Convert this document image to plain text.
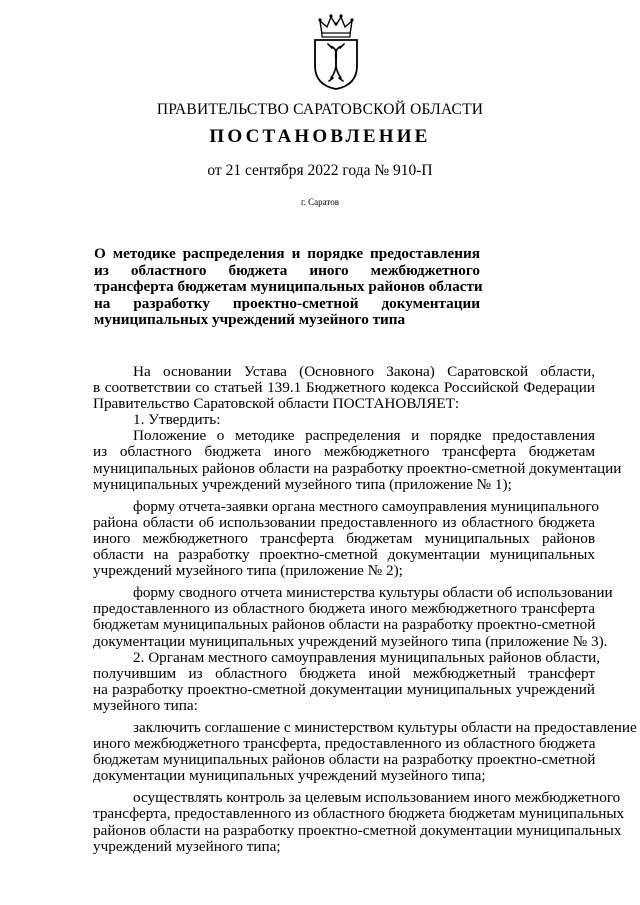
ПРАВИТЕЛЬСТВО САРАТОВСКОЙ ОБЛАСТИ
ПОСТАНОВЛЕНИЕ
от 21 сентября 2022 года № 910-П
г. Саратов
О методике распределения и порядке предоставления
из областного бюджета иного межбюджетного
трансферта бюджетам муниципальных районов области
на разработку проектно-сметной документации
муниципальных учреждений музейного типа
На основании Устава (Основного Закона) Саратовской области,
в соответствии со статьей 139.1 Бюджетного кодекса Российской Федерации
Правительство Саратовской области ПОСТАНОВЛЯЕТ:
1. Утвердить:
Положение о методике распределения и порядке предоставления
из областного бюджета иного межбюджетного трансферта бюджетам
муниципальных районов области на разработку проектно-сметной документации
муниципальных учреждений музейного типа (приложение № 1);
форму отчета-заявки органа местного самоуправления муниципального
района области об использовании предоставленного из областного бюджета
иного межбюджетного трансферта бюджетам муниципальных районов
области на разработку проектно-сметной документации муниципальных
учреждений музейного типа (приложение № 2);
форму сводного отчета министерства культуры области об использовании
предоставленного из областного бюджета иного межбюджетного трансферта
бюджетам муниципальных районов области на разработку проектно-сметной
документации муниципальных учреждений музейного типа (приложение № 3).
2. Органам местного самоуправления муниципальных районов области,
получившим из областного бюджета иной межбюджетный трансферт
на разработку проектно-сметной документации муниципальных учреждений
музейного типа:
заключить соглашение с министерством культуры области на предоставление
иного межбюджетного трансферта, предоставленного из областного бюджета
бюджетам муниципальных районов области на разработку проектно-сметной
документации муниципальных учреждений музейного типа;
осуществлять контроль за целевым использованием иного межбюджетного
трансферта, предоставленного из областного бюджета бюджетам муниципальных
районов области на разработку проектно-сметной документации муниципальных
учреждений музейного типа;
